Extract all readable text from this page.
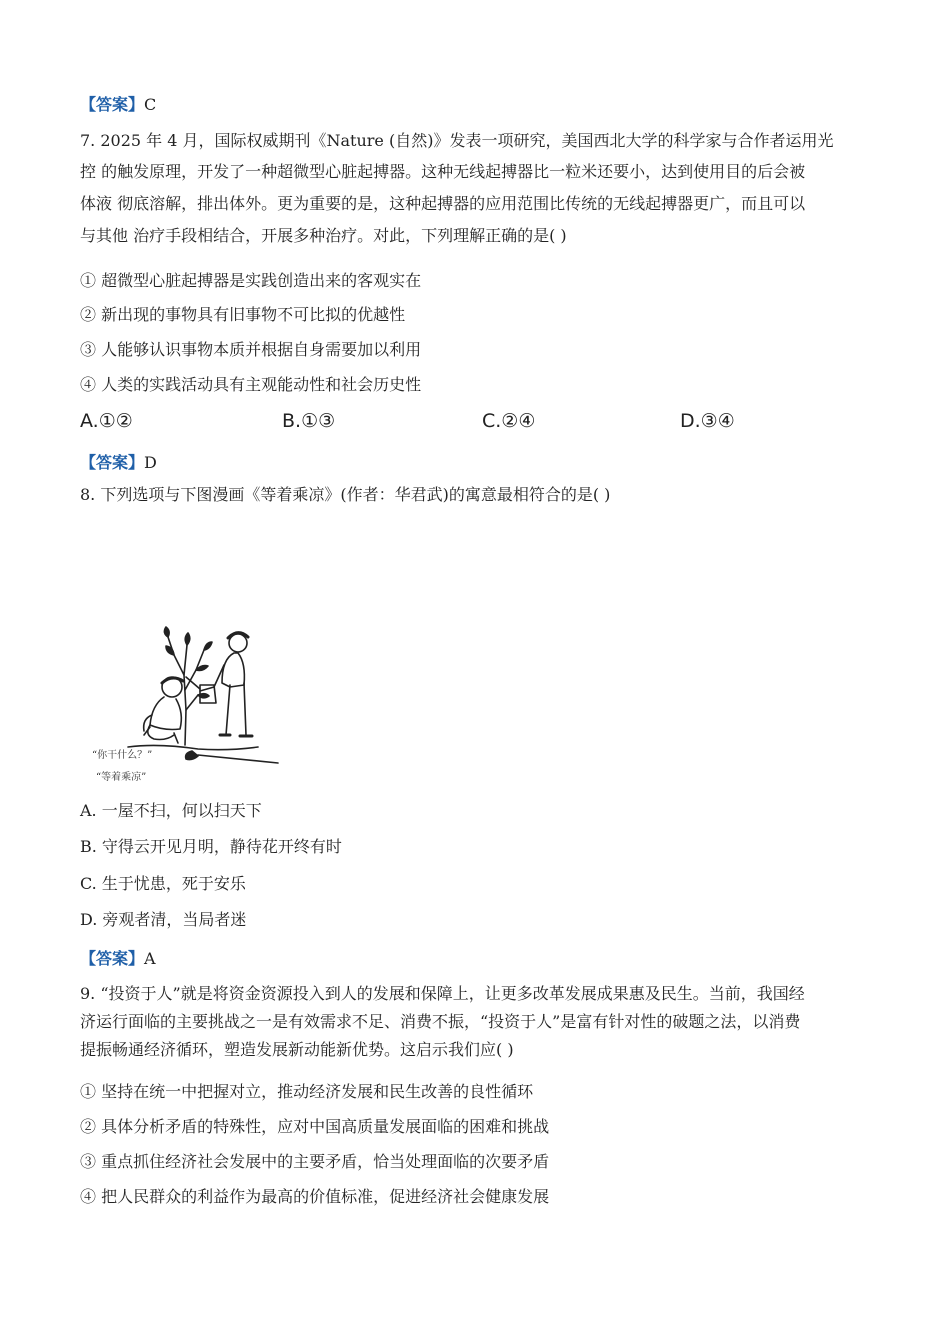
【答案】C
7. 2025 年 4 月，国际权威期刊《Nature (自然)》发表一项研究，美国西北大学的科学家与合作者运用光
控 的触发原理，开发了一种超微型心脏起搏器。这种无线起搏器比一粒米还要小，达到使用目的后会被
体液 彻底溶解，排出体外。更为重要的是，这种起搏器的应用范围比传统的无线起搏器更广，而且可以
与其他 治疗手段相结合，开展多种治疗。对此，下列理解正确的是( )
① 超微型心脏起搏器是实践创造出来的客观实在
② 新出现的事物具有旧事物不可比拟的优越性
③ 人能够认识事物本质并根据自身需要加以利用
④ 人类的实践活动具有主观能动性和社会历史性
A.①②	B.①③	C.②④	D.③④
【答案】D
8. 下列选项与下图漫画《等着乘凉》(作者：华君武)的寓意最相符合的是( )
“你干什么？”
“等着乘凉”
A. 一屋不扫，何以扫天下
B. 守得云开见月明，静待花开终有时
C. 生于忧患，死于安乐
D. 旁观者清，当局者迷
【答案】A
9. “投资于人”就是将资金资源投入到人的发展和保障上，让更多改革发展成果惠及民生。当前，我国经
济运行面临的主要挑战之一是有效需求不足、消费不振，“投资于人”是富有针对性的破题之法，以消费
提振畅通经济循环，塑造发展新动能新优势。这启示我们应( )
① 坚持在统一中把握对立，推动经济发展和民生改善的良性循环
② 具体分析矛盾的特殊性，应对中国高质量发展面临的困难和挑战
③ 重点抓住经济社会发展中的主要矛盾，恰当处理面临的次要矛盾
④ 把人民群众的利益作为最高的价值标准，促进经济社会健康发展
